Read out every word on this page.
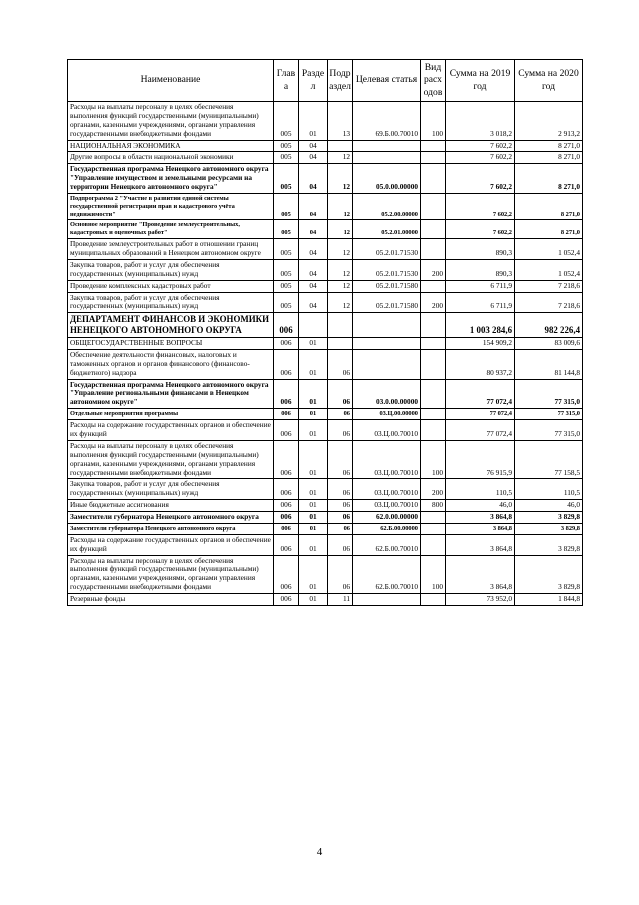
Наименование	Глав а	Разде л	Подр аздел	Целевая статья	Вид расх одов	Сумма на 2019 год	Сумма на 2020 год
Расходы на выплаты персоналу в целях обеспечения выполнения функций государственными (муниципальными) органами, казенными учреждениями, органами управления государственными внебюджетными фондами	005	01	13	69.Б.00.70010	100	3 018,2	2 913,2
НАЦИОНАЛЬНАЯ ЭКОНОМИКА	005	04				7 602,2	8 271,0
Другие вопросы в области национальной экономики	005	04	12			7 602,2	8 271,0
Государственная программа Ненецкого автономного округа "Управление имуществом и земельными ресурсами на территории Ненецкого автономного округа"	005	04	12	05.0.00.00000		7 602,2	8 271,0
Подпрограмма 2 "Участие в развитии единой системы государственной регистрации прав и кадастрового учёта недвижимости"	005	04	12	05.2.00.00000		7 602,2	8 271,0
Основное мероприятие "Проведение землеустроительных, кадастровых и оценочных работ"	005	04	12	05.2.01.00000		7 602,2	8 271,0
Проведение землеустроительных работ в отношении границ муниципальных образований в Ненецком автономном округе	005	04	12	05.2.01.71530		890,3	1 052,4
Закупка товаров, работ и услуг для обеспечения государственных (муниципальных) нужд	005	04	12	05.2.01.71530	200	890,3	1 052,4
Проведение комплексных кадастровых работ	005	04	12	05.2.01.71580		6 711,9	7 218,6
Закупка товаров, работ и услуг для обеспечения государственных (муниципальных) нужд	005	04	12	05.2.01.71580	200	6 711,9	7 218,6
ДЕПАРТАМЕНТ ФИНАНСОВ И ЭКОНОМИКИ НЕНЕЦКОГО АВТОНОМНОГО ОКРУГА	006					1 003 284,6	982 226,4
ОБЩЕГОСУДАРСТВЕННЫЕ ВОПРОСЫ	006	01				154 909,2	83 009,6
Обеспечение деятельности финансовых, налоговых и таможенных органов и органов финансового (финансово-бюджетного) надзора	006	01	06			80 937,2	81 144,8
Государственная программа Ненецкого автономного округа "Управление региональными финансами в Ненецком автономном округе"	006	01	06	03.0.00.00000		77 072,4	77 315,0
Отдельные мероприятия программы	006	01	06	03.Ц.00.00000		77 072,4	77 315,0
Расходы на содержание государственных органов и обеспечение их функций	006	01	06	03.Ц.00.70010		77 072,4	77 315,0
Расходы на выплаты персоналу в целях обеспечения выполнения функций государственными (муниципальными) органами, казенными учреждениями, органами управления государственными внебюджетными фондами	006	01	06	03.Ц.00.70010	100	76 915,9	77 158,5
Закупка товаров, работ и услуг для обеспечения государственных (муниципальных) нужд	006	01	06	03.Ц.00.70010	200	110,5	110,5
Иные бюджетные ассигнования	006	01	06	03.Ц.00.70010	800	46,0	46,0
Заместители губернатора Ненецкого автономного округа	006	01	06	62.0.00.00000		3 864,8	3 829,8
Заместители губернатора Ненецкого автономного округа	006	01	06	62.Б.00.00000		3 864,8	3 829,8
Расходы на содержание государственных органов и обеспечение их функций	006	01	06	62.Б.00.70010		3 864,8	3 829,8
Расходы на выплаты персоналу в целях обеспечения выполнения функций государственными (муниципальными) органами, казенными учреждениями, органами управления государственными внебюджетными фондами	006	01	06	62.Б.00.70010	100	3 864,8	3 829,8
Резервные фонды	006	01	11			73 952,0	1 844,8
4
